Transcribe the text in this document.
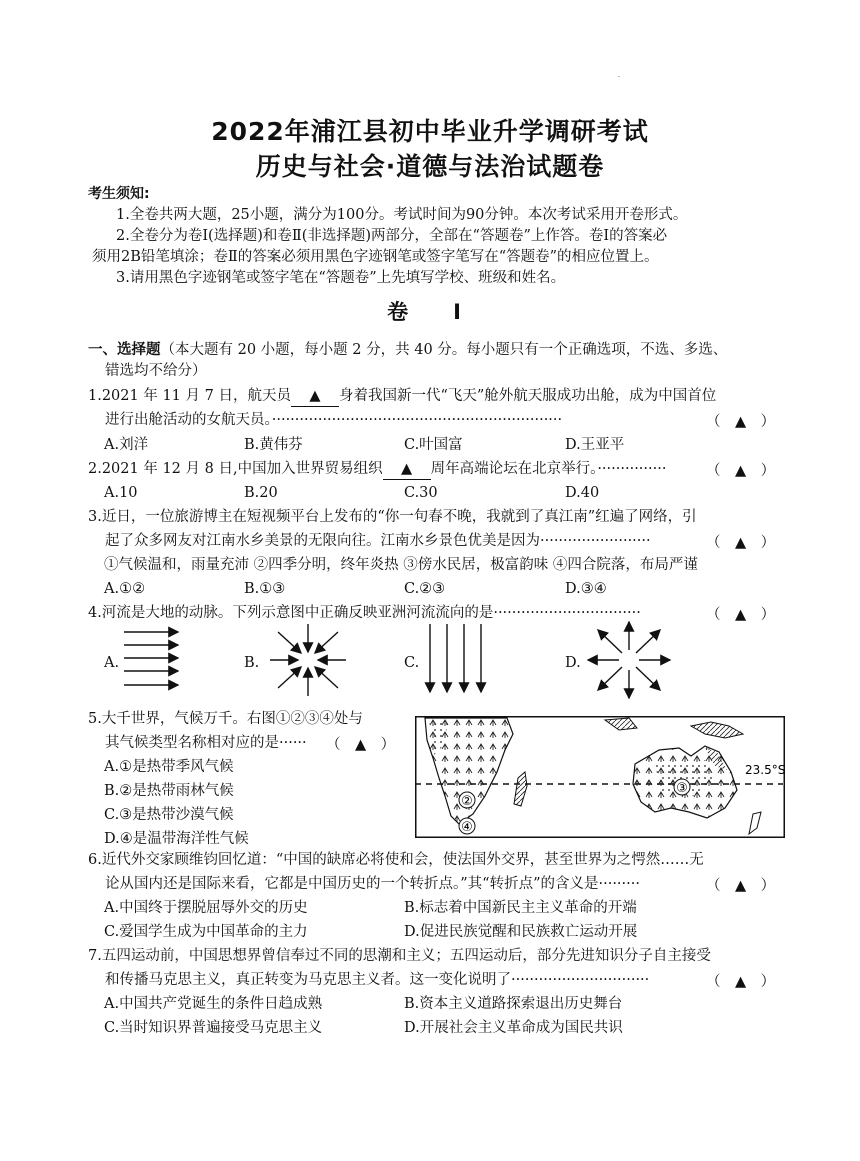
·
2022年浦江县初中毕业升学调研考试
历史与社会·道德与法治试题卷
考生须知:
1.全卷共两大题，25小题，满分为100分。考试时间为90分钟。本次考试采用开卷形式。
2.全卷分为卷Ⅰ(选择题)和卷Ⅱ(非选择题)两部分，全部在“答题卷”上作答。卷Ⅰ的答案必
须用2B铅笔填涂；卷Ⅱ的答案必须用黑色字迹钢笔或签字笔写在“答题卷”的相应位置上。
3.请用黑色字迹钢笔或签字笔在“答题卷”上先填写学校、班级和姓名。
卷　Ⅰ
一、选择题（本大题有 20 小题，每小题 2 分，共 40 分。每小题只有一个正确选项，不选、多选、
错选均不给分）
1.2021 年 11 月 7 日，航天员 ▲ 身着我国新一代“飞天”舱外航天服成功出舱，成为中国首位
进行出舱活动的女航天员。·······························································	（　▲　）
A.刘洋	B.黄伟芬	C.叶国富	D.王亚平
2.2021 年 12 月 8 日,中国加入世界贸易组织 ▲ 周年高端论坛在北京举行。···············	（　▲　）
A.10	B.20	C.30	D.40
3.近日，一位旅游博主在短视频平台上发布的“你一句春不晚，我就到了真江南”红遍了网络，引
起了众多网友对江南水乡美景的无限向往。江南水乡景色优美是因为························	（　▲　）
①气候温和，雨量充沛 ②四季分明，终年炎热 ③傍水民居，极富韵味 ④四合院落，布局严谨
A.①②	B.①③	C.②③	D.③④
4.河流是大地的动脉。下列示意图中正确反映亚洲河流流向的是································	（　▲　）
A.	B.	C.	D.
5.大千世界，气候万千。右图①②③④处与
其气候类型名称相对应的是······ （　▲　）
A.①是热带季风气候
B.②是热带雨林气候
C.③是热带沙漠气候
D.④是温带海洋性气候
②
③
④
23.5°S
6.近代外交家顾维钧回忆道：“中国的缺席必将使和会，使法国外交界，甚至世界为之愕然……无
论从国内还是国际来看，它都是中国历史的一个转折点。”其“转折点”的含义是·········	（　▲　）
A.中国终于摆脱屈辱外交的历史	B.标志着中国新民主主义革命的开端
C.爱国学生成为中国革命的主力	D.促进民族觉醒和民族救亡运动开展
7.五四运动前，中国思想界曾信奉过不同的思潮和主义；五四运动后，部分先进知识分子自主接受
和传播马克思主义，真正转变为马克思主义者。这一变化说明了······························	（　▲　）
A.中国共产党诞生的条件日趋成熟	B.资本主义道路探索退出历史舞台
C.当时知识界普遍接受马克思主义	D.开展社会主义革命成为国民共识
